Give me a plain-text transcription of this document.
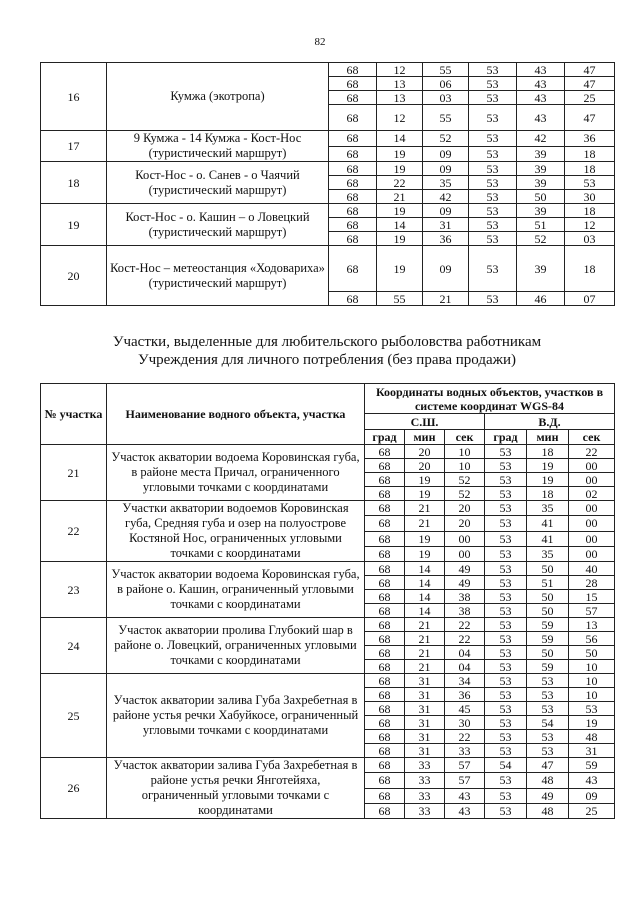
82
16	Кумжа (экотропа)	68	12	55	53	43	47
		68	13	06	53	43	47
		68	13	03	53	43	25
		68	12	55	53	43	47
17	9 Кумжа - 14 Кумжа - Кост-Нос (туристический маршрут)	68	14	52	53	42	36
		68	19	09	53	39	18
18	Кост-Нос - о. Санев - о Чаячий (туристический маршрут)	68	19	09	53	39	18
		68	22	35	53	39	53
		68	21	42	53	50	30
19	Кост-Нос - о. Кашин – о Ловецкий (туристический маршрут)	68	19	09	53	39	18
		68	14	31	53	51	12
		68	19	36	53	52	03
20	Кост-Нос – метеостанция «Ходовариха» (туристический маршрут)	68	19	09	53	39	18
		68	55	21	53	46	07
Участки, выделенные для любительского рыболовства работникам
Учреждения для личного потребления (без права продажи)
№ участка	Наименование водного объекта, участка	Координаты водных объектов, участков в системе координат WGS-84					
		С.Ш.			В.Д.		
		град	мин	сек	град	мин	сек
21	Участок акватории водоема Коровинская губа, в районе места Причал, ограниченного угловыми точками с координатами	68	20	10	53	18	22
		68	20	10	53	19	00
		68	19	52	53	19	00
		68	19	52	53	18	02
22	Участки акватории водоемов Коровинская губа, Средняя губа и озер на полуострове Костяной Нос, ограниченных угловыми точками с координатами	68	21	20	53	35	00
		68	21	20	53	41	00
		68	19	00	53	41	00
		68	19	00	53	35	00
23	Участок акватории водоема Коровинская губа, в районе о. Кашин, ограниченный угловыми точками с координатами	68	14	49	53	50	40
		68	14	49	53	51	28
		68	14	38	53	50	15
		68	14	38	53	50	57
24	Участок акватории пролива Глубокий шар в районе о. Ловецкий, ограниченных угловыми точками с координатами	68	21	22	53	59	13
		68	21	22	53	59	56
		68	21	04	53	50	50
		68	21	04	53	59	10
25	Участок акватории залива Губа Захребетная в районе устья речки Хабуйкосе, ограниченный угловыми точками с координатами	68	31	34	53	53	10
		68	31	36	53	53	10
		68	31	45	53	53	53
		68	31	30	53	54	19
		68	31	22	53	53	48
		68	31	33	53	53	31
26	Участок акватории залива Губа Захребетная в районе устья речки Янготейяха, ограниченный угловыми точками с координатами	68	33	57	54	47	59
		68	33	57	53	48	43
		68	33	43	53	49	09
		68	33	43	53	48	25
